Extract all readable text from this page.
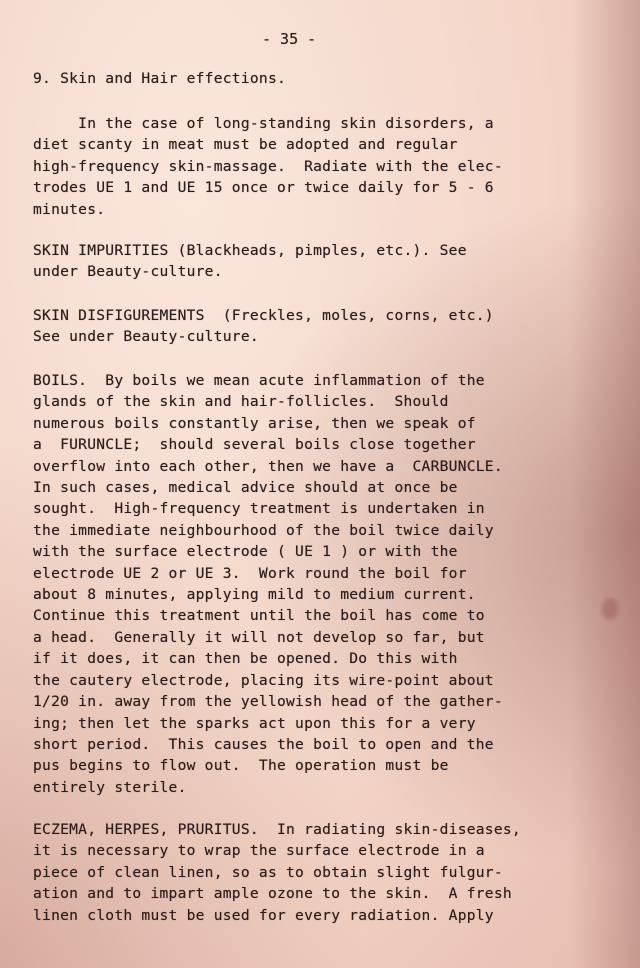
- 35 -

9. Skin and Hair effections.

In the case of long-standing skin disorders, a
diet scanty in meat must be adopted and regular
high-frequency skin-massage.  Radiate with the elec-
trodes UE 1 and UE 15 once or twice daily for 5 - 6
minutes.

SKIN IMPURITIES (Blackheads, pimples, etc.). See
under Beauty-culture.

SKIN DISFIGUREMENTS  (Freckles, moles, corns, etc.)
See under Beauty-culture.

BOILS.  By boils we mean acute inflammation of the
glands of the skin and hair-follicles.  Should
numerous boils constantly arise, then we speak of
a  FURUNCLE;  should several boils close together
overflow into each other, then we have a  CARBUNCLE.
In such cases, medical advice should at once be
sought.  High-frequency treatment is undertaken in
the immediate neighbourhood of the boil twice daily
with the surface electrode ( UE 1 ) or with the
electrode UE 2 or UE 3.  Work round the boil for
about 8 minutes, applying mild to medium current.
Continue this treatment until the boil has come to
a head.  Generally it will not develop so far, but
if it does, it can then be opened. Do this with
the cautery electrode, placing its wire-point about
1/20 in. away from the yellowish head of the gather-
ing; then let the sparks act upon this for a very
short period.  This causes the boil to open and the
pus begins to flow out.  The operation must be
entirely sterile.

ECZEMA, HERPES, PRURITUS.  In radiating skin-diseases,
it is necessary to wrap the surface electrode in a
piece of clean linen, so as to obtain slight fulgur-
ation and to impart ample ozone to the skin.  A fresh
linen cloth must be used for every radiation. Apply
